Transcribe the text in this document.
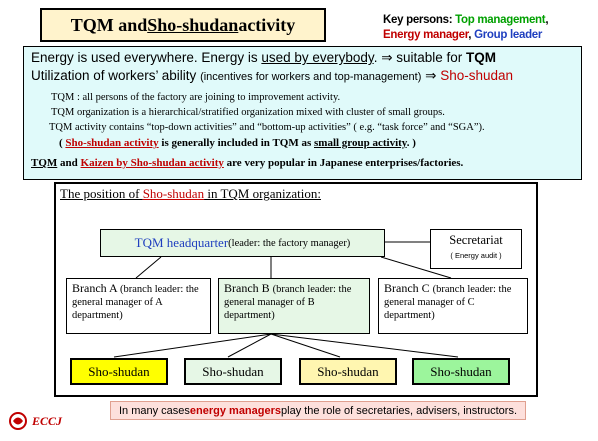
TQM and Sho-shudan activity	Key persons: Top management,
Energy manager, Group leader
Energy is used everywhere. Energy is used by everybody. ⇒ suitable for TQM
Utilization of workers’ ability (incentives for workers and top-management) ⇒ Sho-shudan
TQM : all persons of the factory are joining to improvement activity.
TQM organization is a hierarchical/stratified organization mixed with cluster of small groups.
TQM activity contains “top-down activities” and “bottom-up activities” ( e.g. “task force” and “SGA”).
( Sho-shudan activity is generally included in TQM as small group activity. )
TQM and Kaizen by Sho-shudan activity are very popular in Japanese enterprises/factories.
The position of Sho-shudan in TQM organization:
TQM headquarter (leader: the factory manager)	Secretariat
( Energy audit )
Branch A (branch leader: the general manager of A department)
Branch B (branch leader: the general manager of B department)
Branch C (branch leader: the general manager of C department)
Sho-shudan	Sho-shudan	Sho-shudan	Sho-shudan
In many cases energy managers play the role of secretaries, advisers, instructors.
ECCJ
